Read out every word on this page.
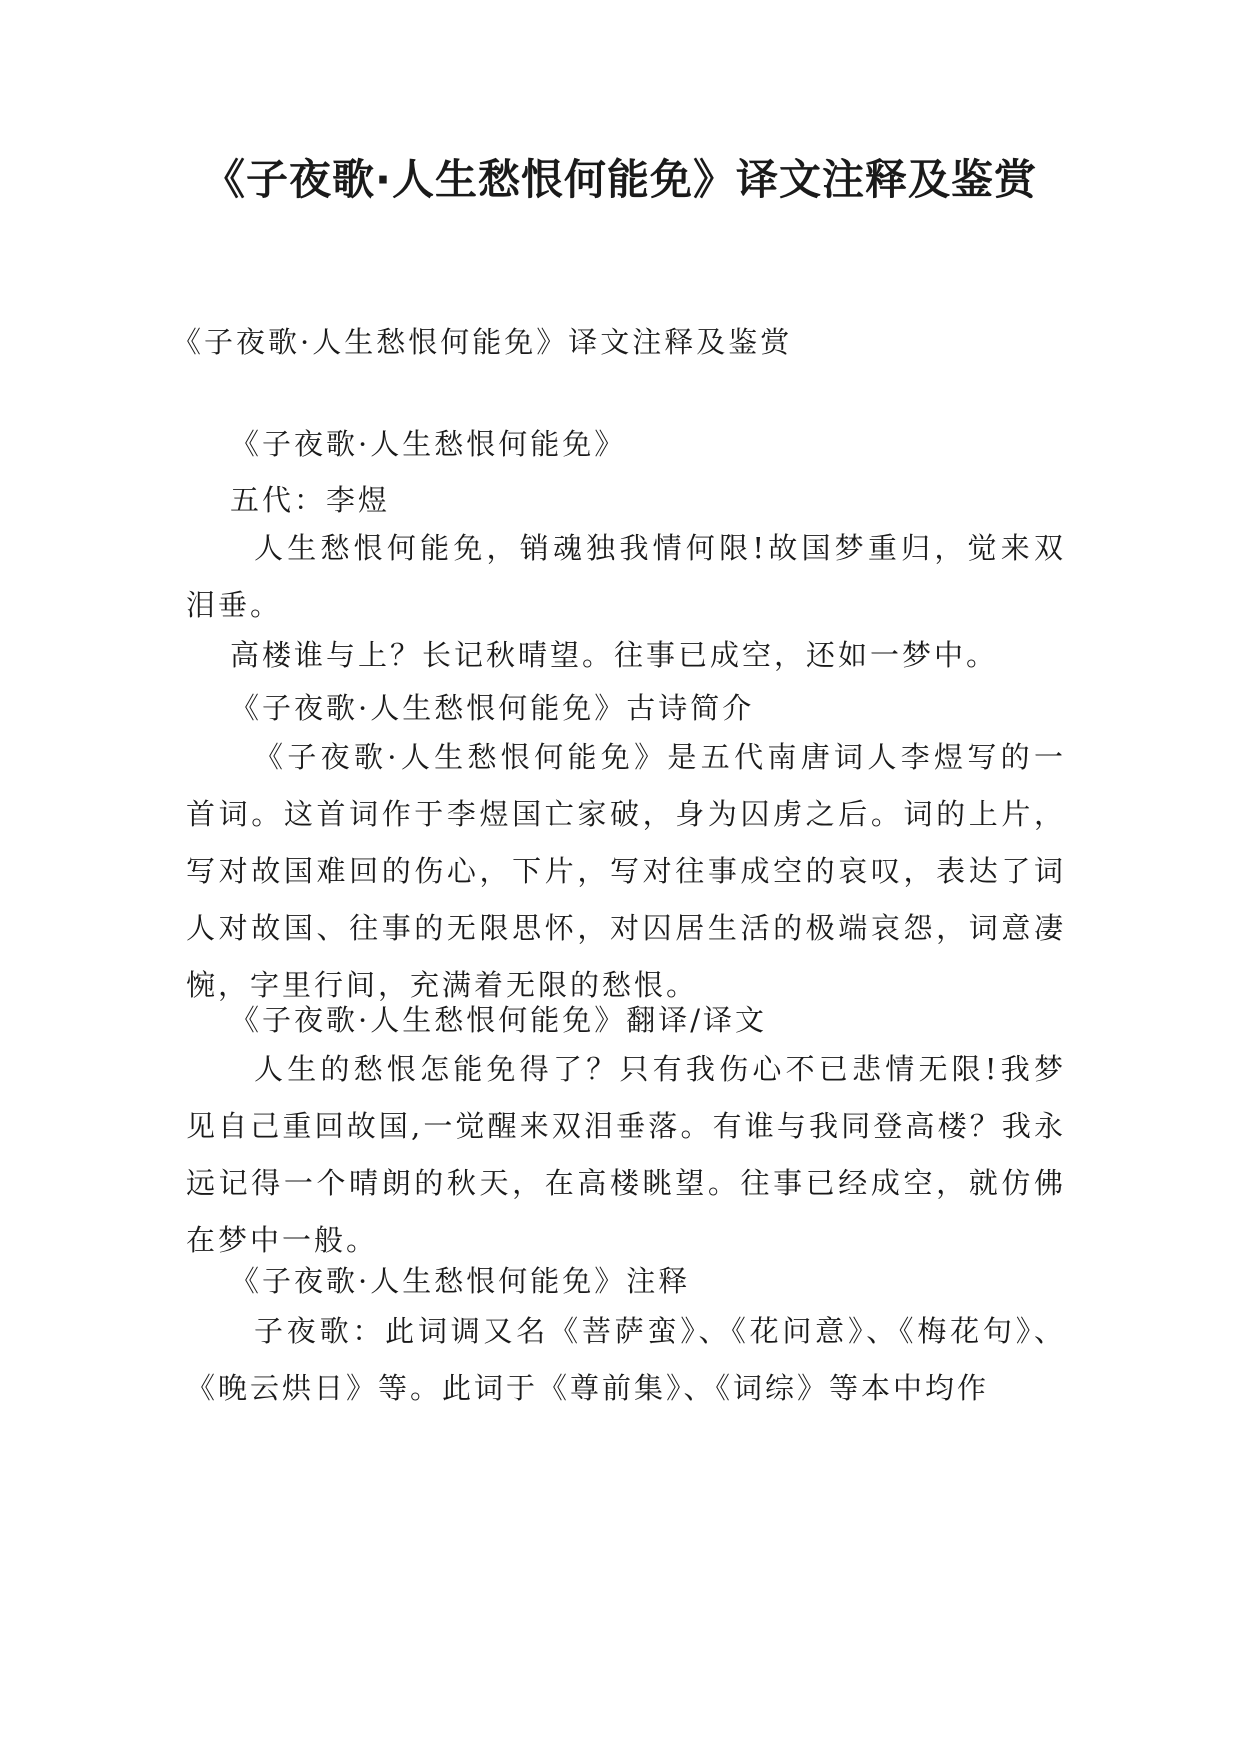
《子夜歌·人生愁恨何能免》译文注释及鉴赏

《子夜歌·人生愁恨何能免》译文注释及鉴赏

《子夜歌·人生愁恨何能免》

五代：李煜

人生愁恨何能免，销魂独我情何限!故国梦重归，觉来双泪垂。

高楼谁与上？长记秋晴望。往事已成空，还如一梦中。

《子夜歌·人生愁恨何能免》古诗简介

《子夜歌·人生愁恨何能免》是五代南唐词人李煜写的一首词。这首词作于李煜国亡家破，身为囚虏之后。词的上片，写对故国难回的伤心，下片，写对往事成空的哀叹，表达了词人对故国、往事的无限思怀，对囚居生活的极端哀怨，词意凄惋，字里行间，充满着无限的愁恨。

《子夜歌·人生愁恨何能免》翻译/译文

人生的愁恨怎能免得了？只有我伤心不已悲情无限!我梦见自己重回故国,一觉醒来双泪垂落。有谁与我同登高楼？我永远记得一个晴朗的秋天，在高楼眺望。往事已经成空，就仿佛在梦中一般。

《子夜歌·人生愁恨何能免》注释

子夜歌：此词调又名《菩萨蛮》、《花问意》、《梅花句》、《晚云烘日》等。此词于《尊前集》、《词综》等本中均作
